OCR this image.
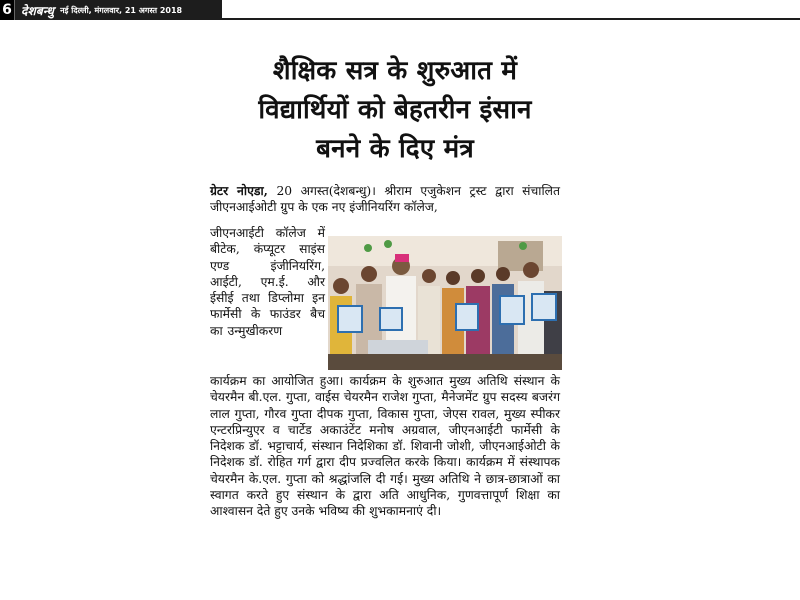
6 देशबन्धु नई दिल्ली, मंगलवार, 21 अगस्त 2018
शैक्षिक सत्र के शुरुआत में
विद्यार्थियों को बेहतरीन इंसान
बनने के दिए मंत्र
ग्रेटर नोएडा, 20 अगस्त(देशबन्धु)। श्रीराम एजुकेशन ट्रस्ट द्वारा संचालित जीएनआईओटी ग्रुप के एक नए इंजीनियरिंग कॉलेज,
जीएनआईटी कॉलेज में बीटेक, कंप्यूटर साइंस एण्ड इंजीनियरिंग, आईटी, एम.ई. और ईसीई तथा डिप्लोमा इन फार्मेसी के फाउंडर बैच का उन्मुखीकरण
कार्यक्रम का आयोजित हुआ। कार्यक्रम के शुरुआत मुख्य अतिथि संस्थान के चेयरमैन बी.एल. गुप्ता, वाईस चेयरमैन राजेश गुप्ता, मैनेजमेंट ग्रुप सदस्य बजरंग लाल गुप्ता, गौरव गुप्ता दीपक गुप्ता, विकास गुप्ता, जेएस रावल, मुख्य स्पीकर एन्टरप्रिन्युएर व चार्टेड अकाउंटेंट मनोष अग्रवाल, जीएनआईटी फार्मेसी के निदेशक डॉ. भट्टाचार्य, संस्थान निदेशिका डॉ. शिवानी जोशी, जीएनआईओटी के निदेशक डॉ. रोहित गर्ग द्वारा दीप प्रज्वलित करके किया। कार्यक्रम में संस्थापक चेयरमैन के.एल. गुप्ता को श्रद्धांजलि दी गई। मुख्य अतिथि ने छात्र-छात्राओं का स्वागत करते हुए संस्थान के द्वारा अति आधुनिक, गुणवत्तापूर्ण शिक्षा का आश्वासन देते हुए उनके भविष्य की शुभकामनाएं दी।
